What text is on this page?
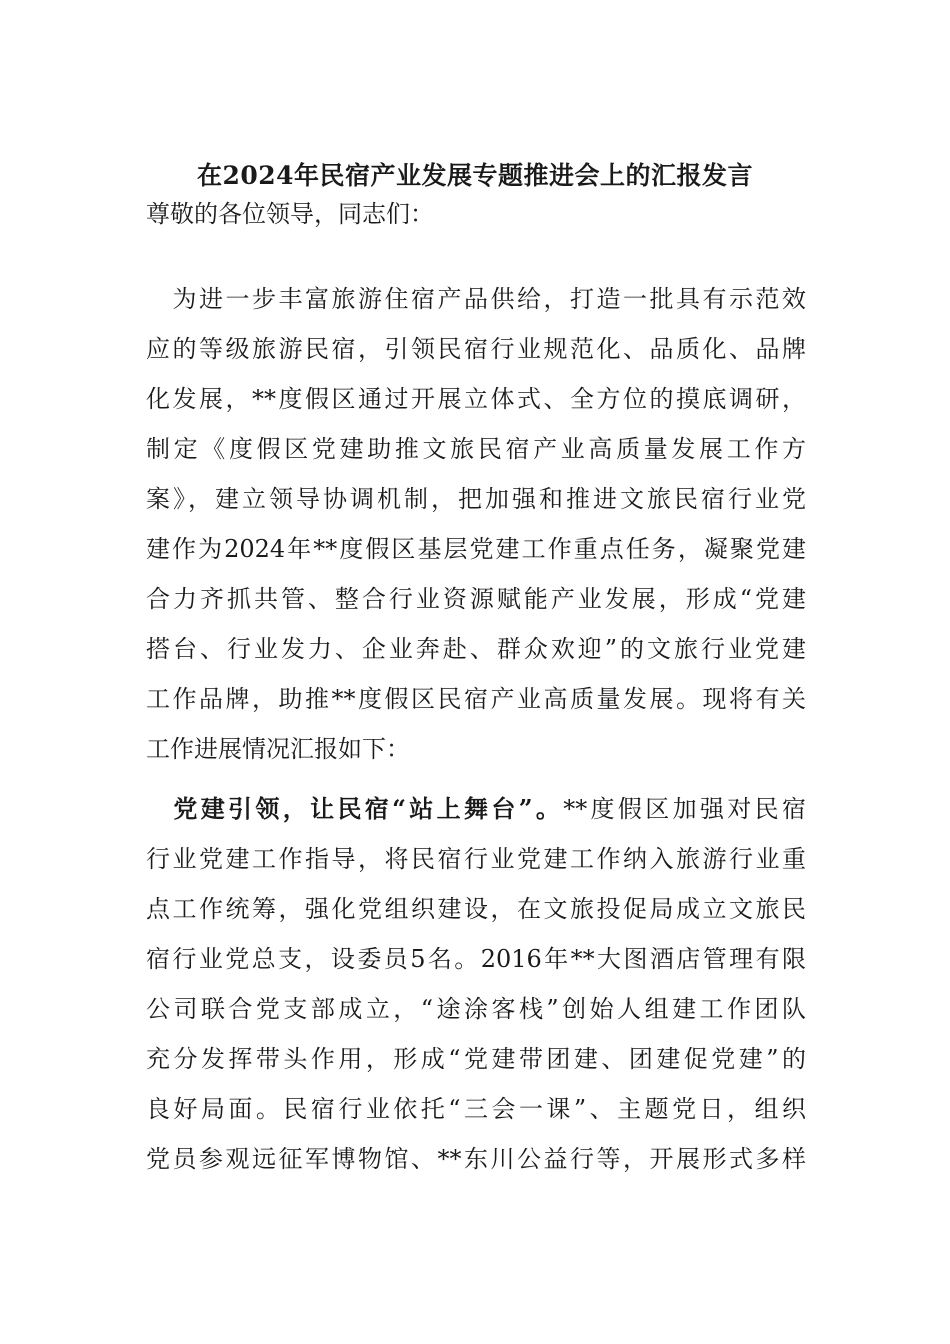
在2024年民宿产业发展专题推进会上的汇报发言
尊敬的各位领导，同志们：
　为进一步丰富旅游住宿产品供给，打造一批具有示范效
应的等级旅游民宿，引领民宿行业规范化、品质化、品牌
化发展，**度假区通过开展立体式、全方位的摸底调研，
制定《度假区党建助推文旅民宿产业高质量发展工作方
案》，建立领导协调机制，把加强和推进文旅民宿行业党
建作为2024年**度假区基层党建工作重点任务，凝聚党建
合力齐抓共管、整合行业资源赋能产业发展，形成“党建
搭台、行业发力、企业奔赴、群众欢迎”的文旅行业党建
工作品牌，助推**度假区民宿产业高质量发展。现将有关
工作进展情况汇报如下：
　党建引领，让民宿“站上舞台”。**度假区加强对民宿
行业党建工作指导，将民宿行业党建工作纳入旅游行业重
点工作统筹，强化党组织建设，在文旅投促局成立文旅民
宿行业党总支，设委员5名。2016年**大图酒店管理有限
公司联合党支部成立，“途涂客栈”创始人组建工作团队
充分发挥带头作用，形成“党建带团建、团建促党建”的
良好局面。民宿行业依托“三会一课”、主题党日，组织
党员参观远征军博物馆、**东川公益行等，开展形式多样
